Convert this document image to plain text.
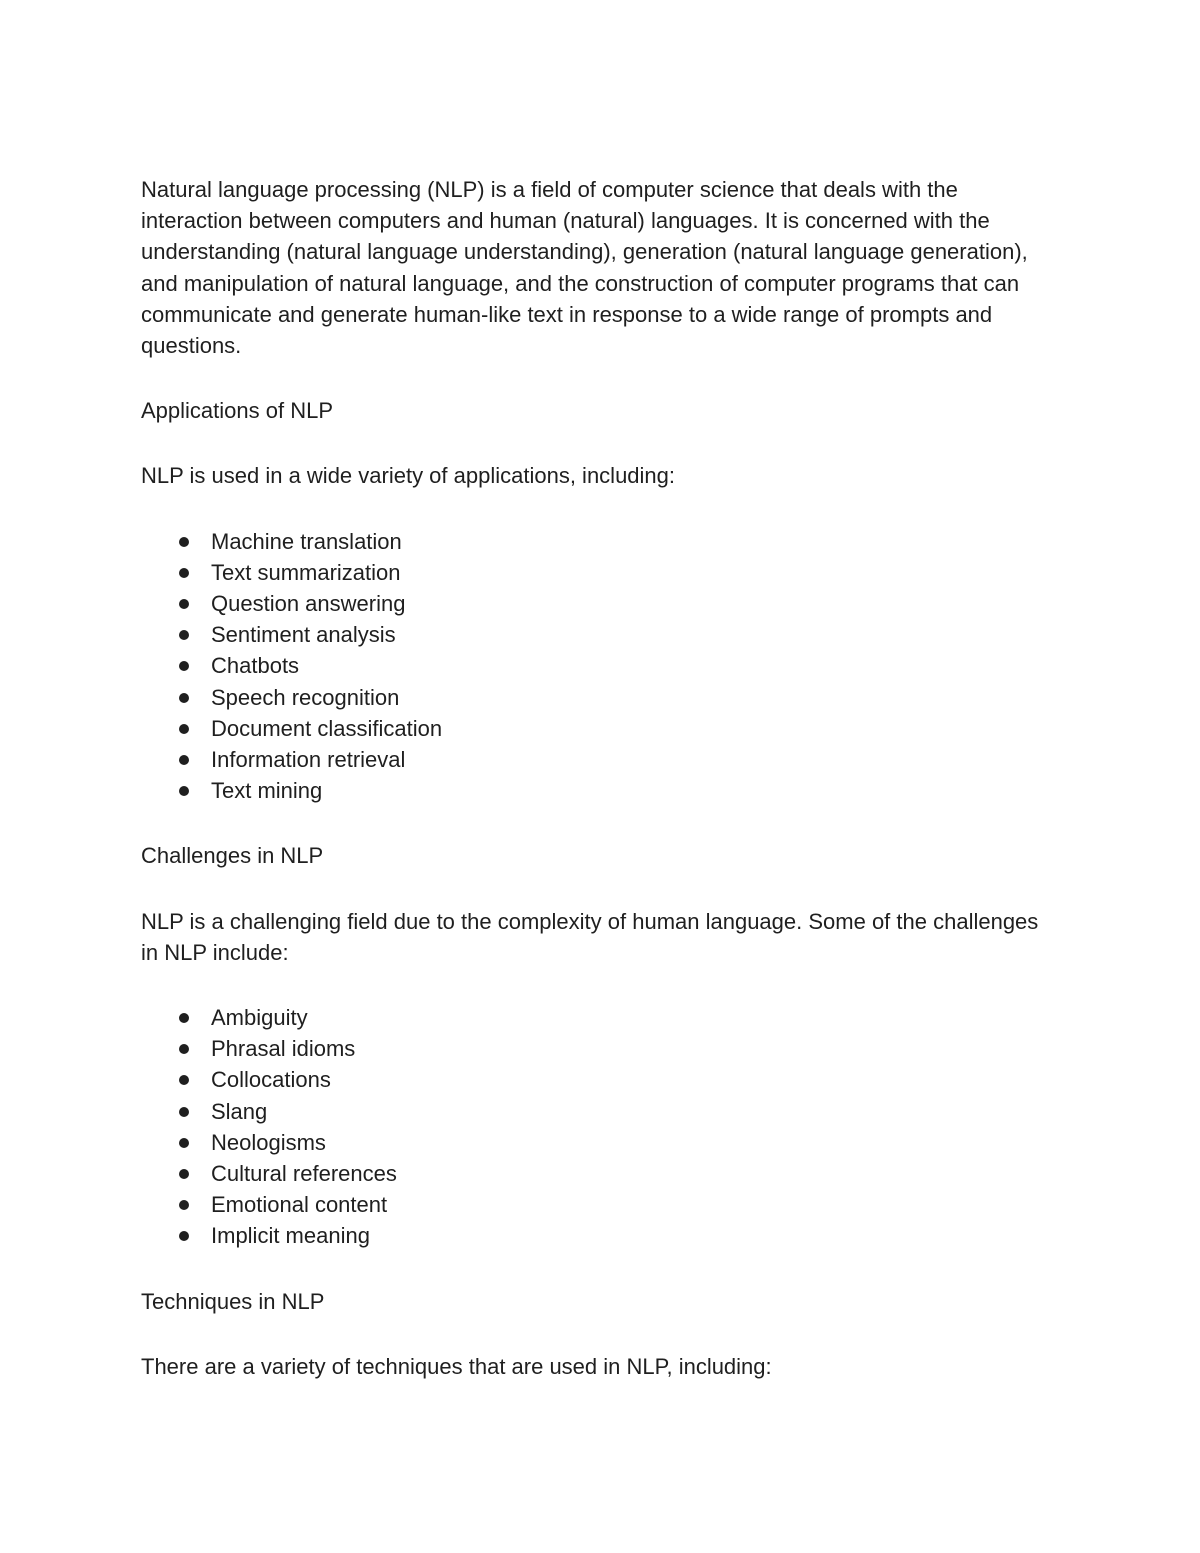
Natural language processing (NLP) is a field of computer science that deals with the interaction between computers and human (natural) languages. It is concerned with the understanding (natural language understanding), generation (natural language generation), and manipulation of natural language, and the construction of computer programs that can communicate and generate human-like text in response to a wide range of prompts and questions.

Applications of NLP

NLP is used in a wide variety of applications, including:

Machine translation
Text summarization
Question answering
Sentiment analysis
Chatbots
Speech recognition
Document classification
Information retrieval
Text mining

Challenges in NLP

NLP is a challenging field due to the complexity of human language. Some of the challenges in NLP include:

Ambiguity
Phrasal idioms
Collocations
Slang
Neologisms
Cultural references
Emotional content
Implicit meaning

Techniques in NLP

There are a variety of techniques that are used in NLP, including:
